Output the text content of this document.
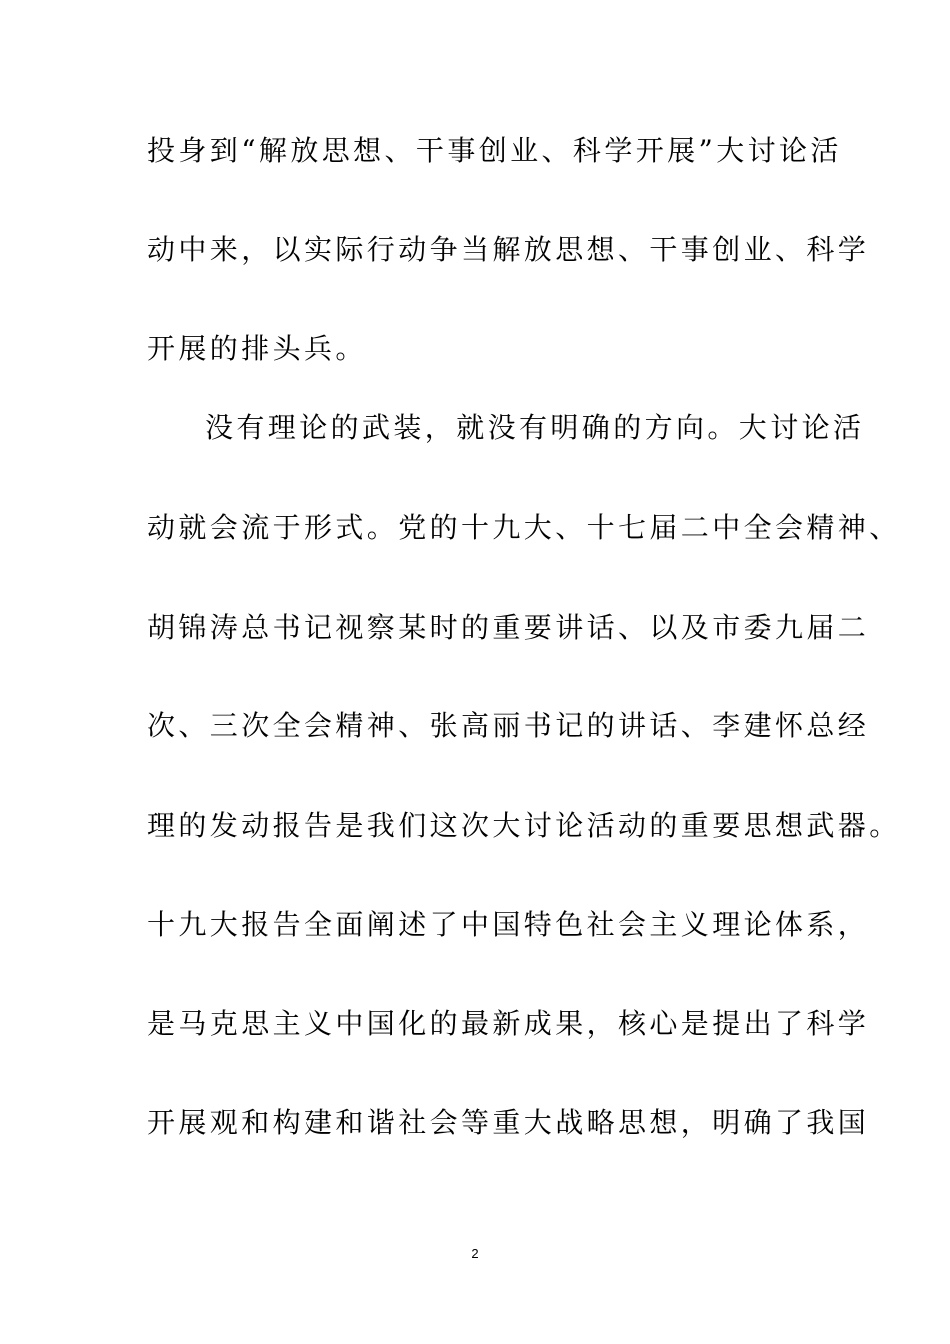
投身到“解放思想、干事创业、科学开展”大讨论活
动中来，以实际行动争当解放思想、干事创业、科学
开展的排头兵。
没有理论的武装，就没有明确的方向。大讨论活
动就会流于形式。党的十九大、十七届二中全会精神、
胡锦涛总书记视察某时的重要讲话、以及市委九届二
次、三次全会精神、张高丽书记的讲话、李建怀总经
理的发动报告是我们这次大讨论活动的重要思想武器。
十九大报告全面阐述了中国特色社会主义理论体系，
是马克思主义中国化的最新成果，核心是提出了科学
开展观和构建和谐社会等重大战略思想，明确了我国
2
